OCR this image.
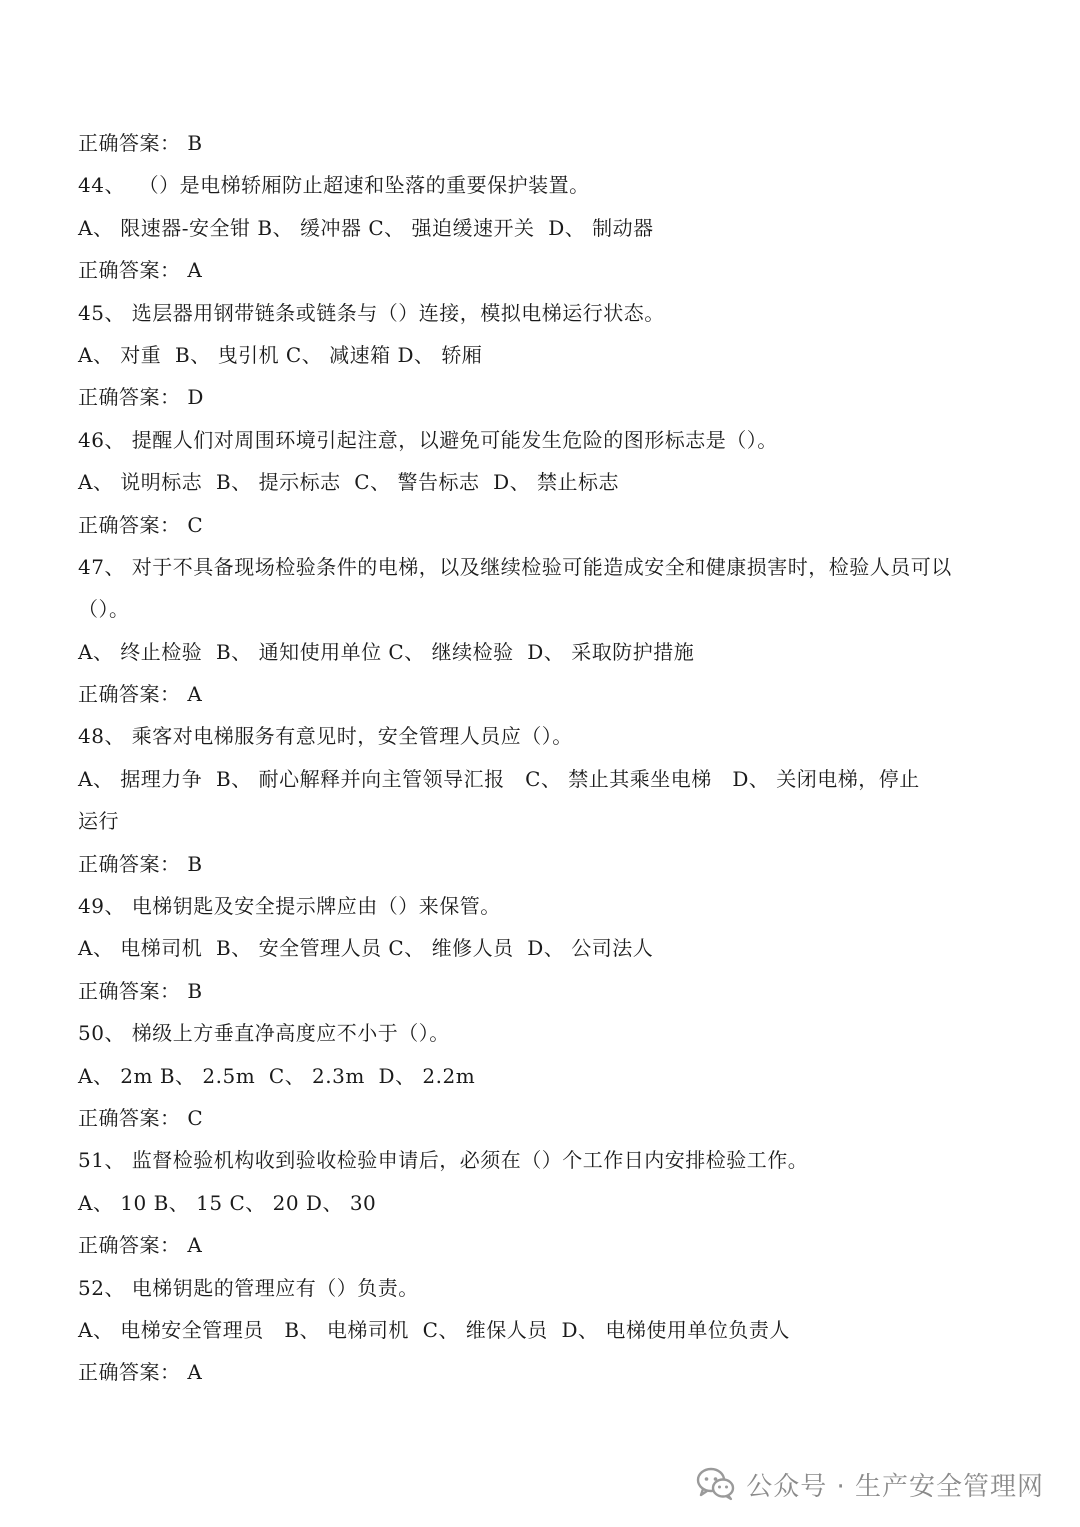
正确答案： B
44、  （）是电梯轿厢防止超速和坠落的重要保护装置。
A、 限速器-安全钳 B、 缓冲器 C、 强迫缓速开关  D、 制动器
正确答案： A
45、 选层器用钢带链条或链条与（）连接，模拟电梯运行状态。
A、 对重  B、 曳引机 C、 减速箱 D、 轿厢
正确答案： D
46、 提醒人们对周围环境引起注意，以避免可能发生危险的图形标志是（）。
A、 说明标志  B、 提示标志  C、 警告标志  D、 禁止标志
正确答案： C
47、 对于不具备现场检验条件的电梯，以及继续检验可能造成安全和健康损害时，检验人员可以
（）。
A、 终止检验  B、 通知使用单位 C、 继续检验  D、 采取防护措施
正确答案： A
48、 乘客对电梯服务有意见时，安全管理人员应（）。
A、 据理力争  B、 耐心解释并向主管领导汇报   C、 禁止其乘坐电梯   D、 关闭电梯，停止
运行
正确答案： B
49、 电梯钥匙及安全提示牌应由（）来保管。
A、 电梯司机  B、 安全管理人员 C、 维修人员  D、 公司法人
正确答案： B
50、 梯级上方垂直净高度应不小于（）。
A、 2m B、 2.5m  C、 2.3m  D、 2.2m
正确答案： C
51、 监督检验机构收到验收检验申请后，必须在（）个工作日内安排检验工作。
A、 10 B、 15 C、 20 D、 30
正确答案： A
52、 电梯钥匙的管理应有（）负责。
A、 电梯安全管理员   B、 电梯司机  C、 维保人员  D、 电梯使用单位负责人
正确答案： A
公众号 · 生产安全管理网
